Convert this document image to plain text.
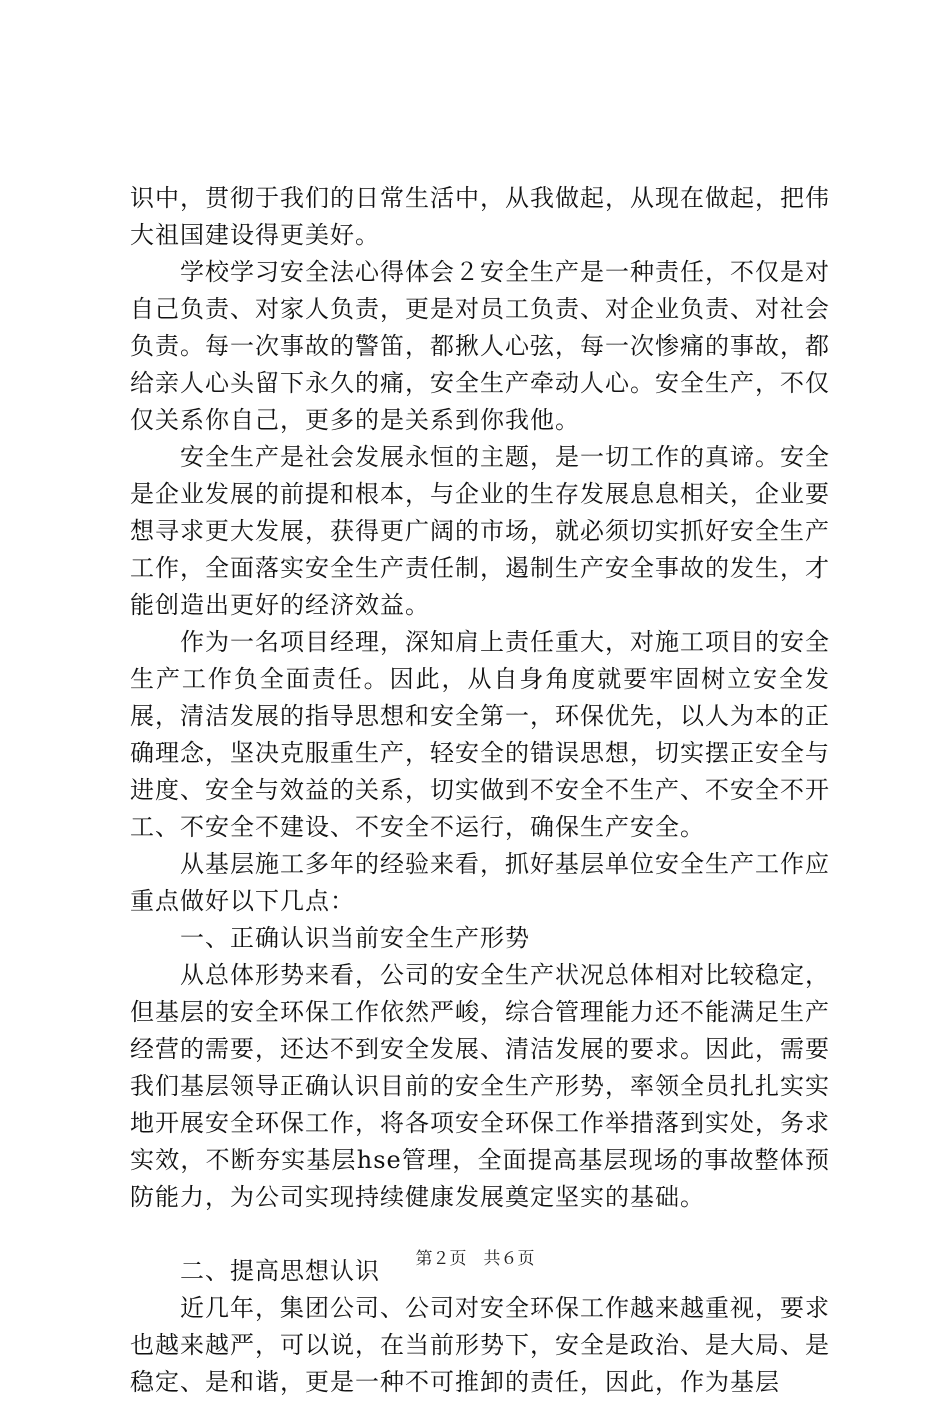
识中，贯彻于我们的日常生活中，从我做起，从现在做起，把伟大祖国建设得更美好。

学校学习安全法心得体会２安全生产是一种责任，不仅是对自己负责、对家人负责，更是对员工负责、对企业负责、对社会负责。每一次事故的警笛，都揪人心弦，每一次惨痛的事故，都给亲人心头留下永久的痛，安全生产牵动人心。安全生产，不仅仅关系你自己，更多的是关系到你我他。

安全生产是社会发展永恒的主题，是一切工作的真谛。安全是企业发展的前提和根本，与企业的生存发展息息相关，企业要想寻求更大发展，获得更广阔的市场，就必须切实抓好安全生产工作，全面落实安全生产责任制，遏制生产安全事故的发生，才能创造出更好的经济效益。

作为一名项目经理，深知肩上责任重大，对施工项目的安全生产工作负全面责任。因此，从自身角度就要牢固树立安全发展，清洁发展的指导思想和安全第一，环保优先，以人为本的正确理念，坚决克服重生产，轻安全的错误思想，切实摆正安全与进度、安全与效益的关系，切实做到不安全不生产、不安全不开工、不安全不建设、不安全不运行，确保生产安全。

从基层施工多年的经验来看，抓好基层单位安全生产工作应重点做好以下几点：

一、正确认识当前安全生产形势

从总体形势来看，公司的安全生产状况总体相对比较稳定，但基层的安全环保工作依然严峻，综合管理能力还不能满足生产经营的需要，还达不到安全发展、清洁发展的要求。因此，需要我们基层领导正确认识目前的安全生产形势，率领全员扎扎实实地开展安全环保工作，将各项安全环保工作举措落到实处，务求实效，不断夯实基层hse管理，全面提高基层现场的事故整体预防能力，为公司实现持续健康发展奠定坚实的基础。

二、提高思想认识

近几年，集团公司、公司对安全环保工作越来越重视，要求也越来越严，可以说，在当前形势下，安全是政治、是大局、是稳定、是和谐，更是一种不可推卸的责任，因此，作为基层

第２页　共６页
